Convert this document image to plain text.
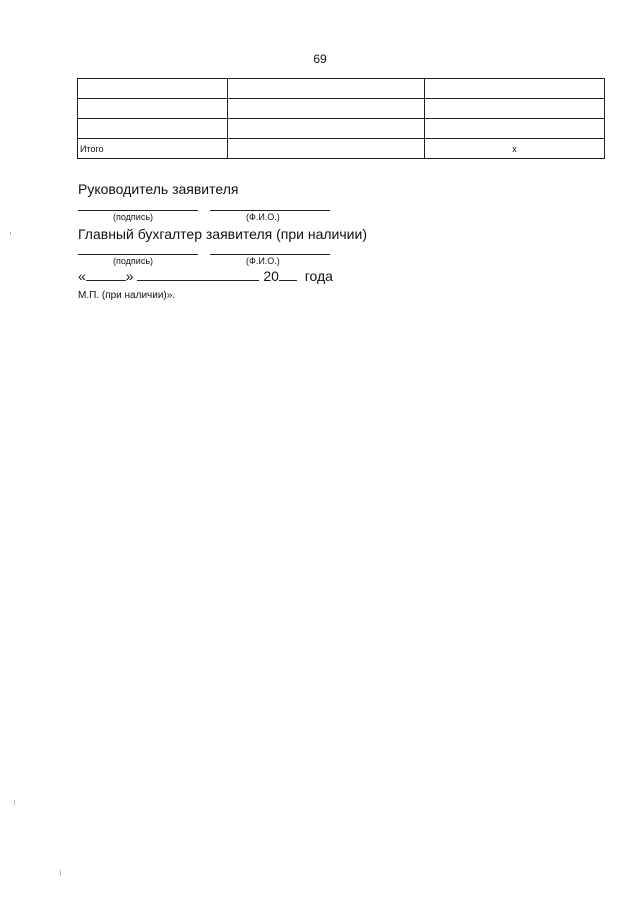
69

Итого		x
Руководитель заявителя
(подпись)	(Ф.И.О.)
Главный бухгалтер заявителя (при наличии)
(подпись)	(Ф.И.О.)
«	»	20 года
М.П. (при наличии)».
